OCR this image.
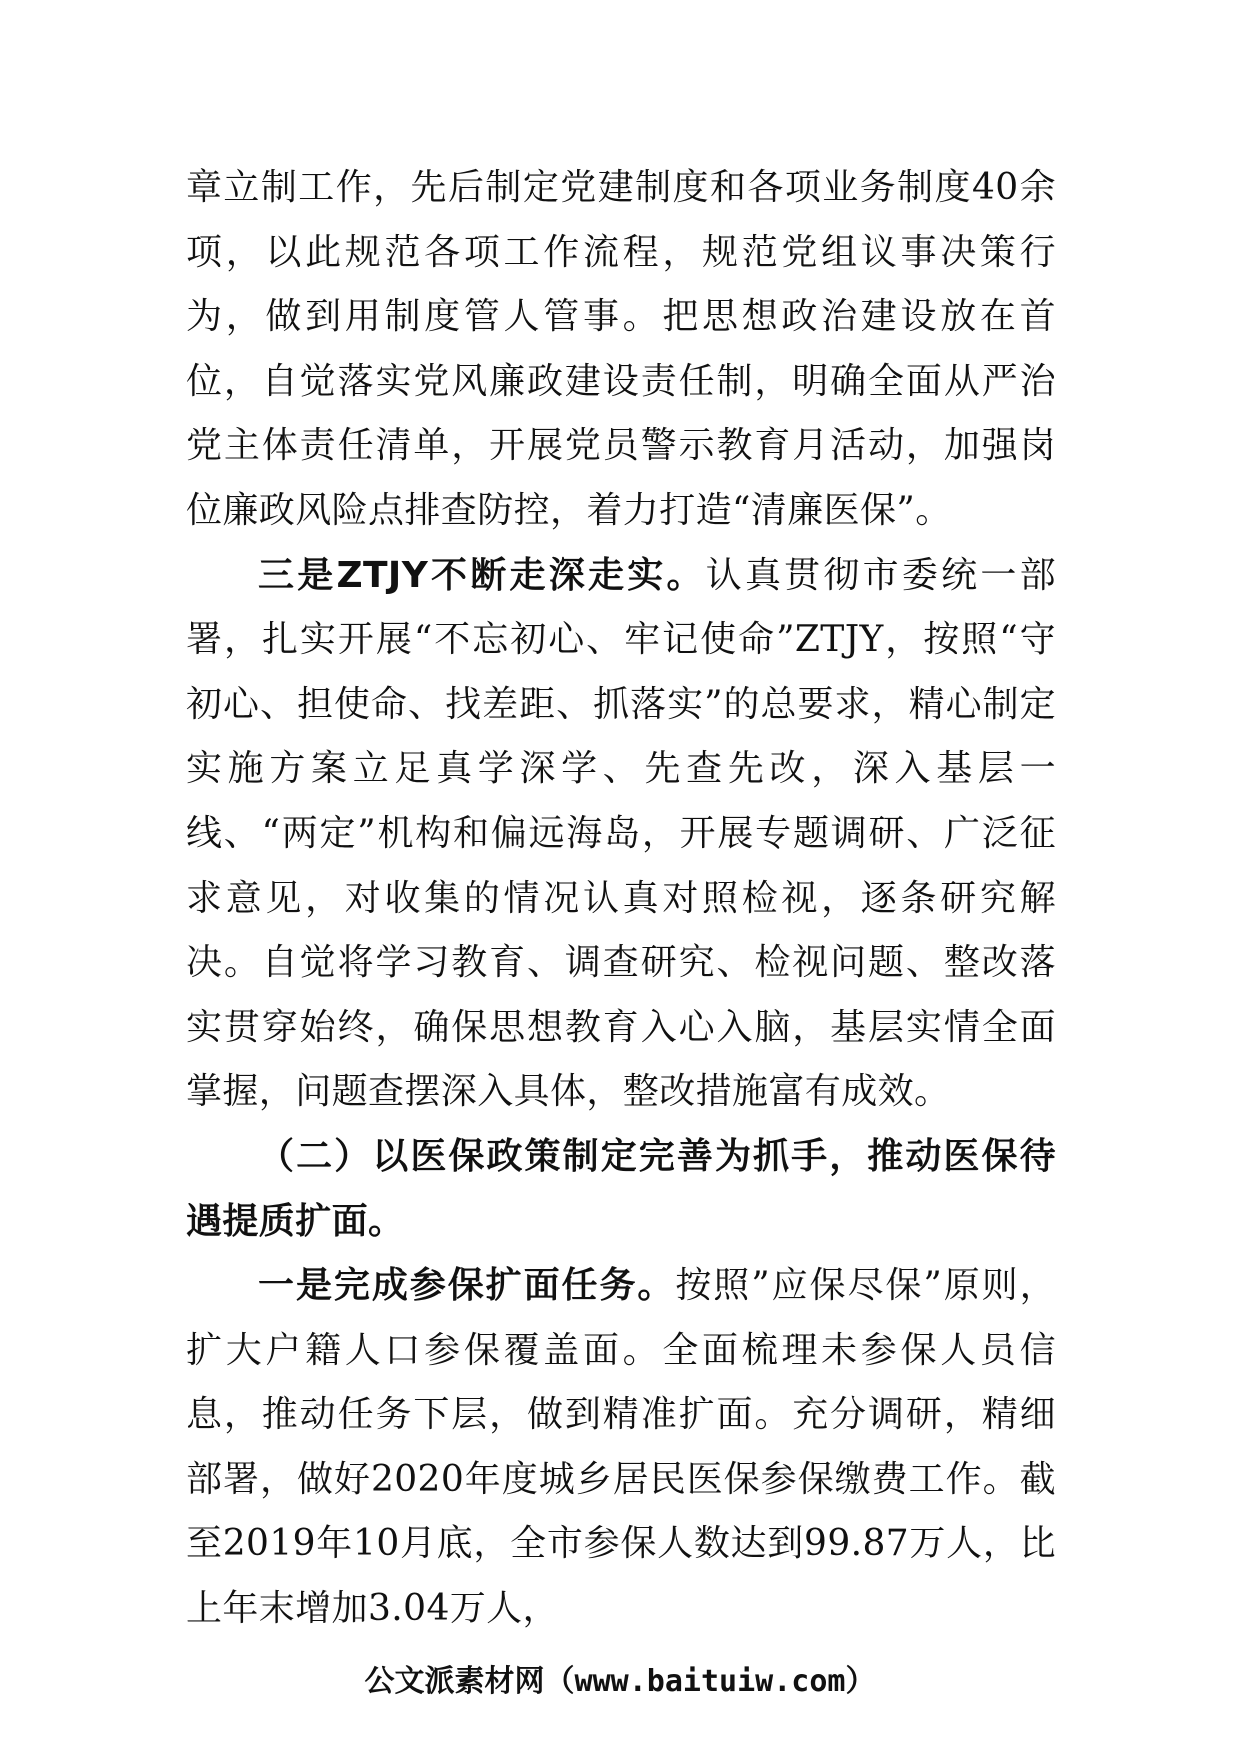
章立制工作，先后制定党建制度和各项业务制度40余项，以此规范各项工作流程，规范党组议事决策行为，做到用制度管人管事。把思想政治建设放在首位，自觉落实党风廉政建设责任制，明确全面从严治党主体责任清单，开展党员警示教育月活动，加强岗位廉政风险点排查防控，着力打造“清廉医保”。

三是ZTJY不断走深走实。认真贯彻市委统一部署，扎实开展“不忘初心、牢记使命”ZTJY，按照“守初心、担使命、找差距、抓落实”的总要求，精心制定实施方案立足真学深学、先查先改，深入基层一线、“两定”机构和偏远海岛，开展专题调研、广泛征求意见，对收集的情况认真对照检视，逐条研究解决。自觉将学习教育、调查研究、检视问题、整改落实贯穿始终，确保思想教育入心入脑，基层实情全面掌握，问题查摆深入具体，整改措施富有成效。

（二）以医保政策制定完善为抓手，推动医保待遇提质扩面。

一是完成参保扩面任务。按照”应保尽保”原则，扩大户籍人口参保覆盖面。全面梳理未参保人员信息，推动任务下层，做到精准扩面。充分调研，精细部署，做好2020年度城乡居民医保参保缴费工作。截至2019年10月底，全市参保人数达到99.87万人，比上年末增加3.04万人，

公文派素材网（www.baituiw.com）
